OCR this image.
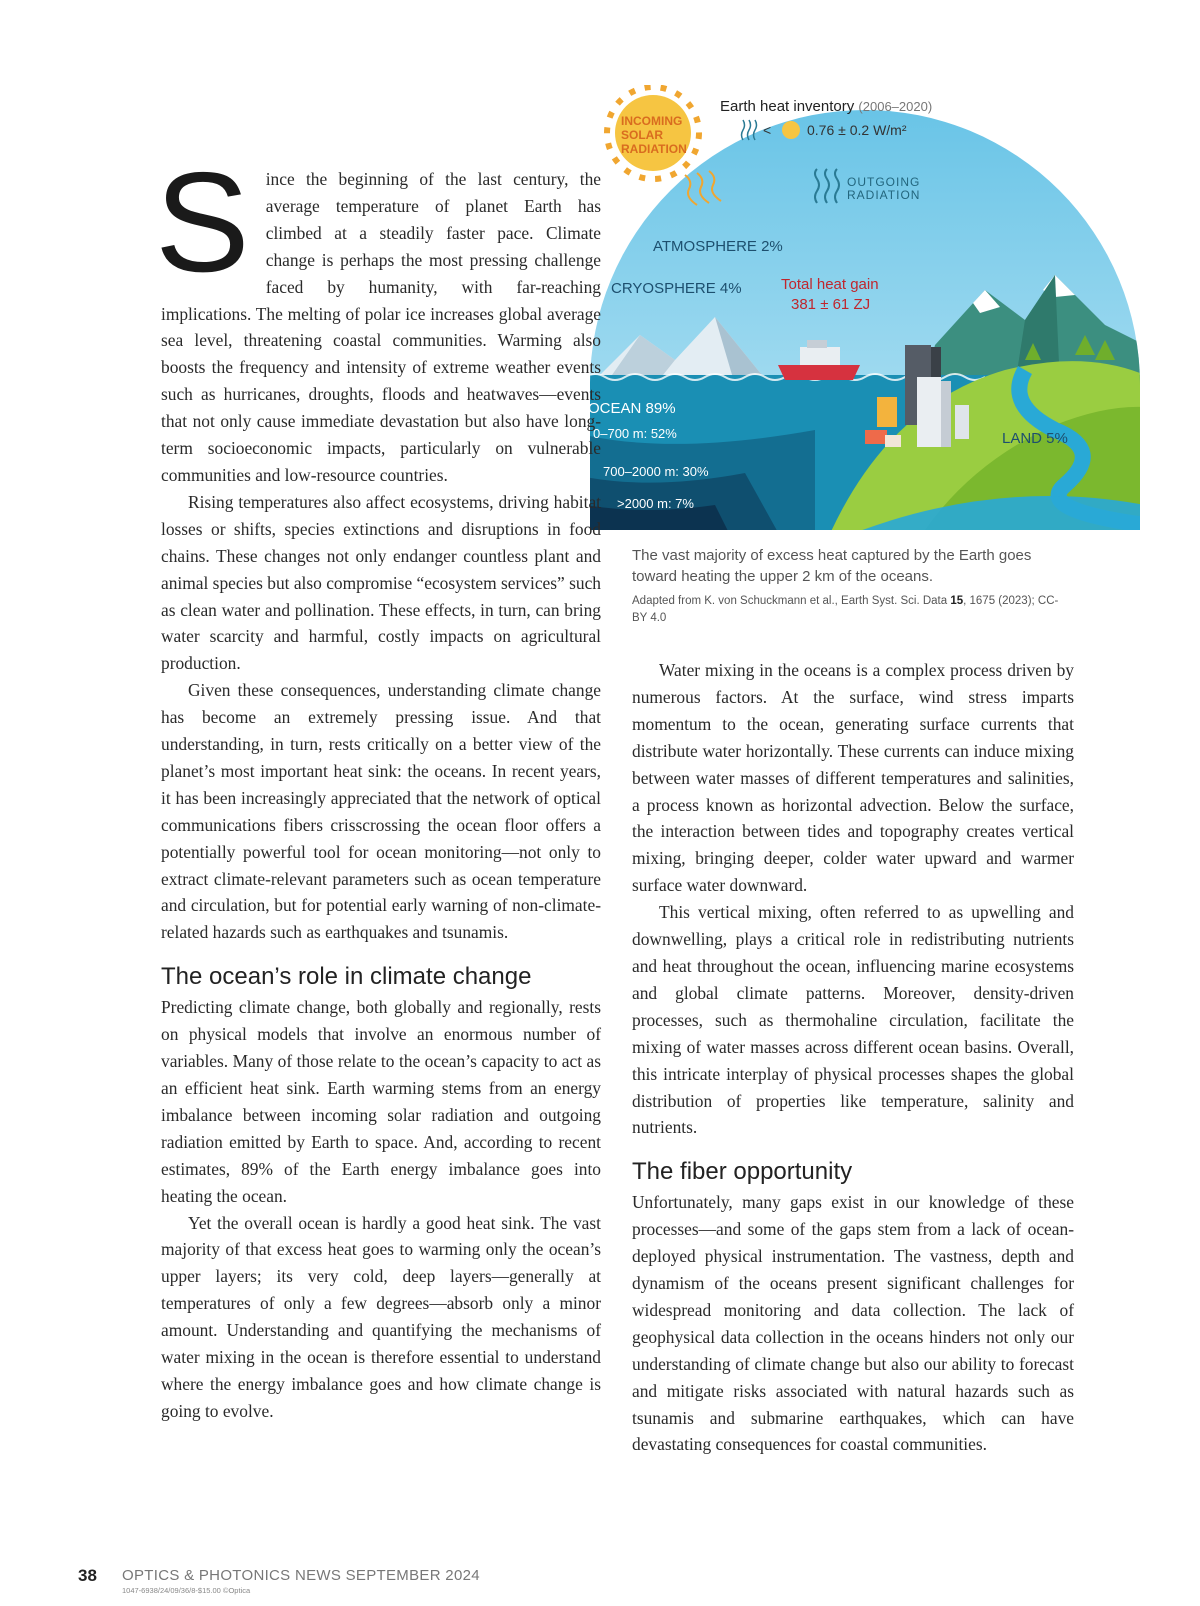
INCOMING
SOLAR
RADIATION
Earth heat inventory (2006–2020)
<	0.76 ± 0.2 W/m²
OUTGOING
RADIATION
ATMOSPHERE 2%
CRYOSPHERE 4%	Total heat gain
381 ± 61 ZJ
OCEAN 89%
0–700 m: 52%
700–2000 m: 30%
>2000 m: 7%
LAND 5%
The vast majority of excess heat captured by the Earth goes toward heating the upper 2 km of the oceans.
Adapted from K. von Schuckmann et al., Earth Syst. Sci. Data 15, 1675 (2023); CC-BY 4.0

Since the beginning of the last century, the average temperature of planet Earth has climbed at a steadily faster pace. Climate change is perhaps the most pressing challenge faced by humanity, with far-reaching implications. The melting of polar ice increases global average sea level, threatening coastal communities. Warming also boosts the frequency and intensity of extreme weather events such as hurricanes, droughts, floods and heatwaves—events that not only cause immediate devastation but also have long-term socioeconomic impacts, particularly on vulnerable communities and low-resource countries.

Rising temperatures also affect ecosystems, driving habitat losses or shifts, species extinctions and disruptions in food chains. These changes not only endanger countless plant and animal species but also compromise “ecosystem services” such as clean water and pollination. These effects, in turn, can bring water scarcity and harmful, costly impacts on agricultural production.

Given these consequences, understanding climate change has become an extremely pressing issue. And that understanding, in turn, rests critically on a better view of the planet’s most important heat sink: the oceans. In recent years, it has been increasingly appreciated that the network of optical communications fibers crisscrossing the ocean floor offers a potentially powerful tool for ocean monitoring—not only to extract climate-relevant parameters such as ocean temperature and circulation, but for potential early warning of non-climate-related hazards such as earthquakes and tsunamis.

The ocean’s role in climate change

Predicting climate change, both globally and regionally, rests on physical models that involve an enormous number of variables. Many of those relate to the ocean’s capacity to act as an efficient heat sink. Earth warming stems from an energy imbalance between incoming solar radiation and outgoing radiation emitted by Earth to space. And, according to recent estimates, 89% of the Earth energy imbalance goes into heating the ocean.

Yet the overall ocean is hardly a good heat sink. The vast majority of that excess heat goes to warming only the ocean’s upper layers; its very cold, deep layers—generally at temperatures of only a few degrees—absorb only a minor amount. Understanding and quantifying the mechanisms of water mixing in the ocean is therefore essential to understand where the energy imbalance goes and how climate change is going to evolve.

Water mixing in the oceans is a complex process driven by numerous factors. At the surface, wind stress imparts momentum to the ocean, generating surface currents that distribute water horizontally. These currents can induce mixing between water masses of different temperatures and salinities, a process known as horizontal advection. Below the surface, the interaction between tides and topography creates vertical mixing, bringing deeper, colder water upward and warmer surface water downward.

This vertical mixing, often referred to as upwelling and downwelling, plays a critical role in redistributing nutrients and heat throughout the ocean, influencing marine ecosystems and global climate patterns. Moreover, density-driven processes, such as thermohaline circulation, facilitate the mixing of water masses across different ocean basins. Overall, this intricate interplay of physical processes shapes the global distribution of properties like temperature, salinity and nutrients.

The fiber opportunity

Unfortunately, many gaps exist in our knowledge of these processes—and some of the gaps stem from a lack of ocean-deployed physical instrumentation. The vastness, depth and dynamism of the oceans present significant challenges for widespread monitoring and data collection. The lack of geophysical data collection in the oceans hinders not only our understanding of climate change but also our ability to forecast and mitigate risks associated with natural hazards such as tsunamis and submarine earthquakes, which can have devastating consequences for coastal communities.

38 OPTICS & PHOTONICS NEWS SEPTEMBER 2024
1047-6938/24/09/36/8-$15.00 ©Optica
